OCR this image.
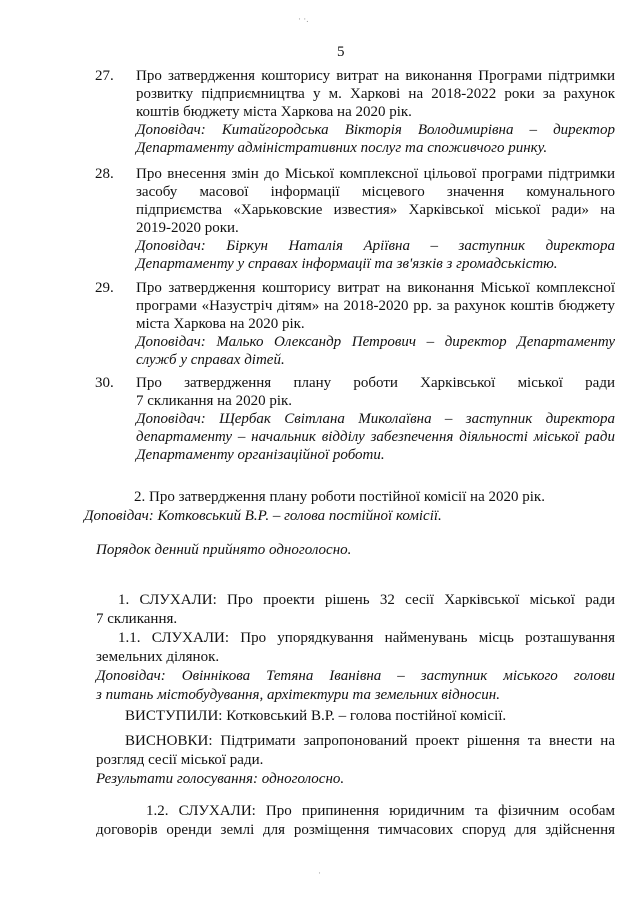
5
27. Про затвердження кошторису витрат на виконання Програми підтримки
розвитку підприємництва у м. Харкові на 2018-2022 роки за рахунок
коштів бюджету міста Харкова на 2020 рік.
Доповідач: Китайгородська Вікторія Володимирівна – директор
Департаменту адміністративних послуг та споживчого ринку.
28. Про внесення змін до Міської комплексної цільової програми підтримки
засобу масової інформації місцевого значення комунального
підприємства «Харьковские известия» Харківської міської ради» на
2019-2020 роки.
Доповідач: Біркун Наталія Аріївна – заступник директора
Департаменту у справах інформації та зв'язків з громадськістю.
29. Про затвердження кошторису витрат на виконання Міської комплексної
програми «Назустріч дітям» на 2018-2020 рр. за рахунок коштів бюджету
міста Харкова на 2020 рік.
Доповідач: Малько Олександр Петрович – директор Департаменту
служб у справах дітей.
30. Про затвердження плану роботи Харківської міської ради
7 скликання на 2020 рік.
Доповідач: Щербак Світлана Миколаївна – заступник директора
департаменту – начальник відділу забезпечення діяльності міської ради
Департаменту організаційної роботи.
2. Про затвердження плану роботи постійної комісії на 2020 рік.
Доповідач: Котковський В.Р. – голова постійної комісії.
Порядок денний прийнято одноголосно.
1. СЛУХАЛИ: Про проекти рішень 32 сесії Харківської міської ради
7 скликання.
1.1. СЛУХАЛИ: Про упорядкування найменувань місць розташування
земельних ділянок.
Доповідач: Овіннікова Тетяна Іванівна – заступник міського голови
з питань містобудування, архітектури та земельних відносин.
ВИСТУПИЛИ: Котковський В.Р. – голова постійної комісії.
ВИСНОВКИ: Підтримати запропонований проект рішення та внести на
розгляд сесії міської ради.
Результати голосування: одноголосно.
1.2. СЛУХАЛИ: Про припинення юридичним та фізичним особам
договорів оренди землі для розміщення тимчасових споруд для здійснення
· ·.
·
